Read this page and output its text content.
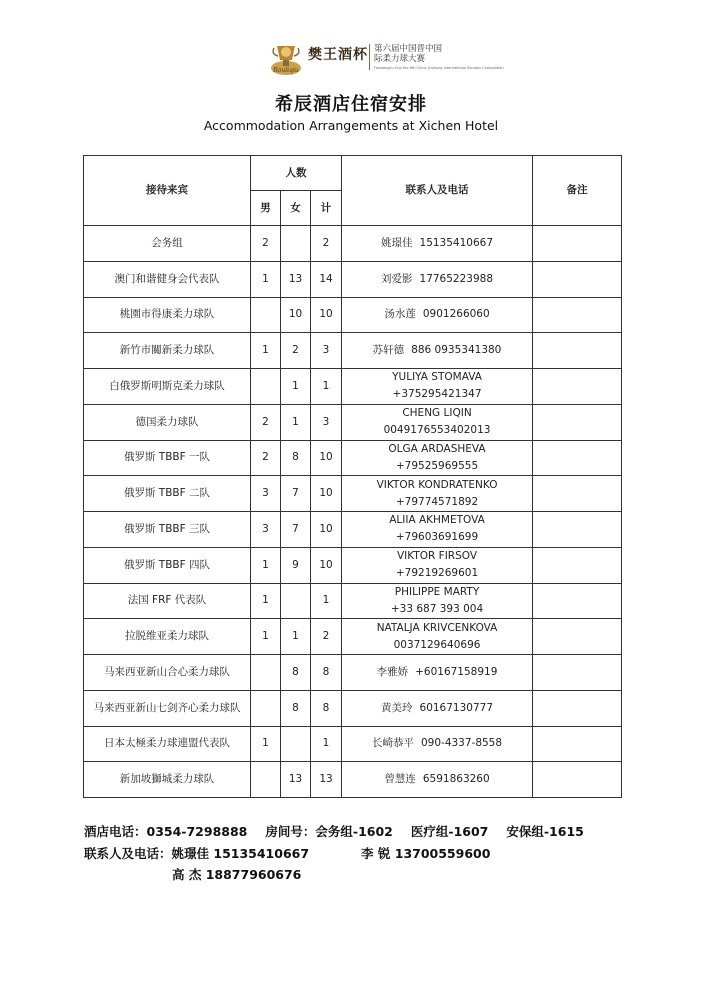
Rouliqiu
樊王酒杯 第六届中国晋中国际柔力球大赛
Fanwangjiu Cup the 6th China Jinzhong International Rouliqiu Competition
希辰酒店住宿安排
Accommodation Arrangements at Xichen Hotel
接待来宾	人数			联系人及电话	备注
	男	女	计		
会务组	2		2	姚璟佳 15135410667	
澳门和谐健身会代表队	1	13	14	刘爱影 17765223988	
桃園市得康柔力球队		10	10	汤水莲 0901266060	
新竹市關新柔力球队	1	2	3	苏轩德 886 0935341380	
白俄罗斯明斯克柔力球队		1	1	YULIYA STOMAVA
+375295421347	

德国柔力球队	2	1	3	CHENG LIQIN
0049176553402013	

俄罗斯 TBBF 一队	2	8	10	OLGA ARDASHEVA
+79525969555	

俄罗斯 TBBF 二队	3	7	10	VIKTOR KONDRATENKO
+79774571892	

俄罗斯 TBBF 三队	3	7	10	ALIIA AKHMETOVA
+79603691699	

俄罗斯 TBBF 四队	1	9	10	VIKTOR FIRSOV
+79219269601	

法国 FRF 代表队	1		1	PHILIPPE MARTY
+33 687 393 004	

拉脱维亚柔力球队	1	1	2	NATALJA KRIVCENKOVA
0037129640696	

马来西亚新山合心柔力球队		8	8	李雅娇 +60167158919	
马来西亚新山七剑齐心柔力球队		8	8	黄美玲 60167130777	
日本太極柔力球連盟代表队	1		1	长崎恭平 090-4337-8558	
新加坡獅城柔力球队		13	13	曾慧连 6591863260	
酒店电话：0354-7298888 房间号：会务组-1602 医疗组-1607 安保组-1615
联系人及电话：姚璟佳 15135410667	李 锐 13700559600
高 杰 18877960676
